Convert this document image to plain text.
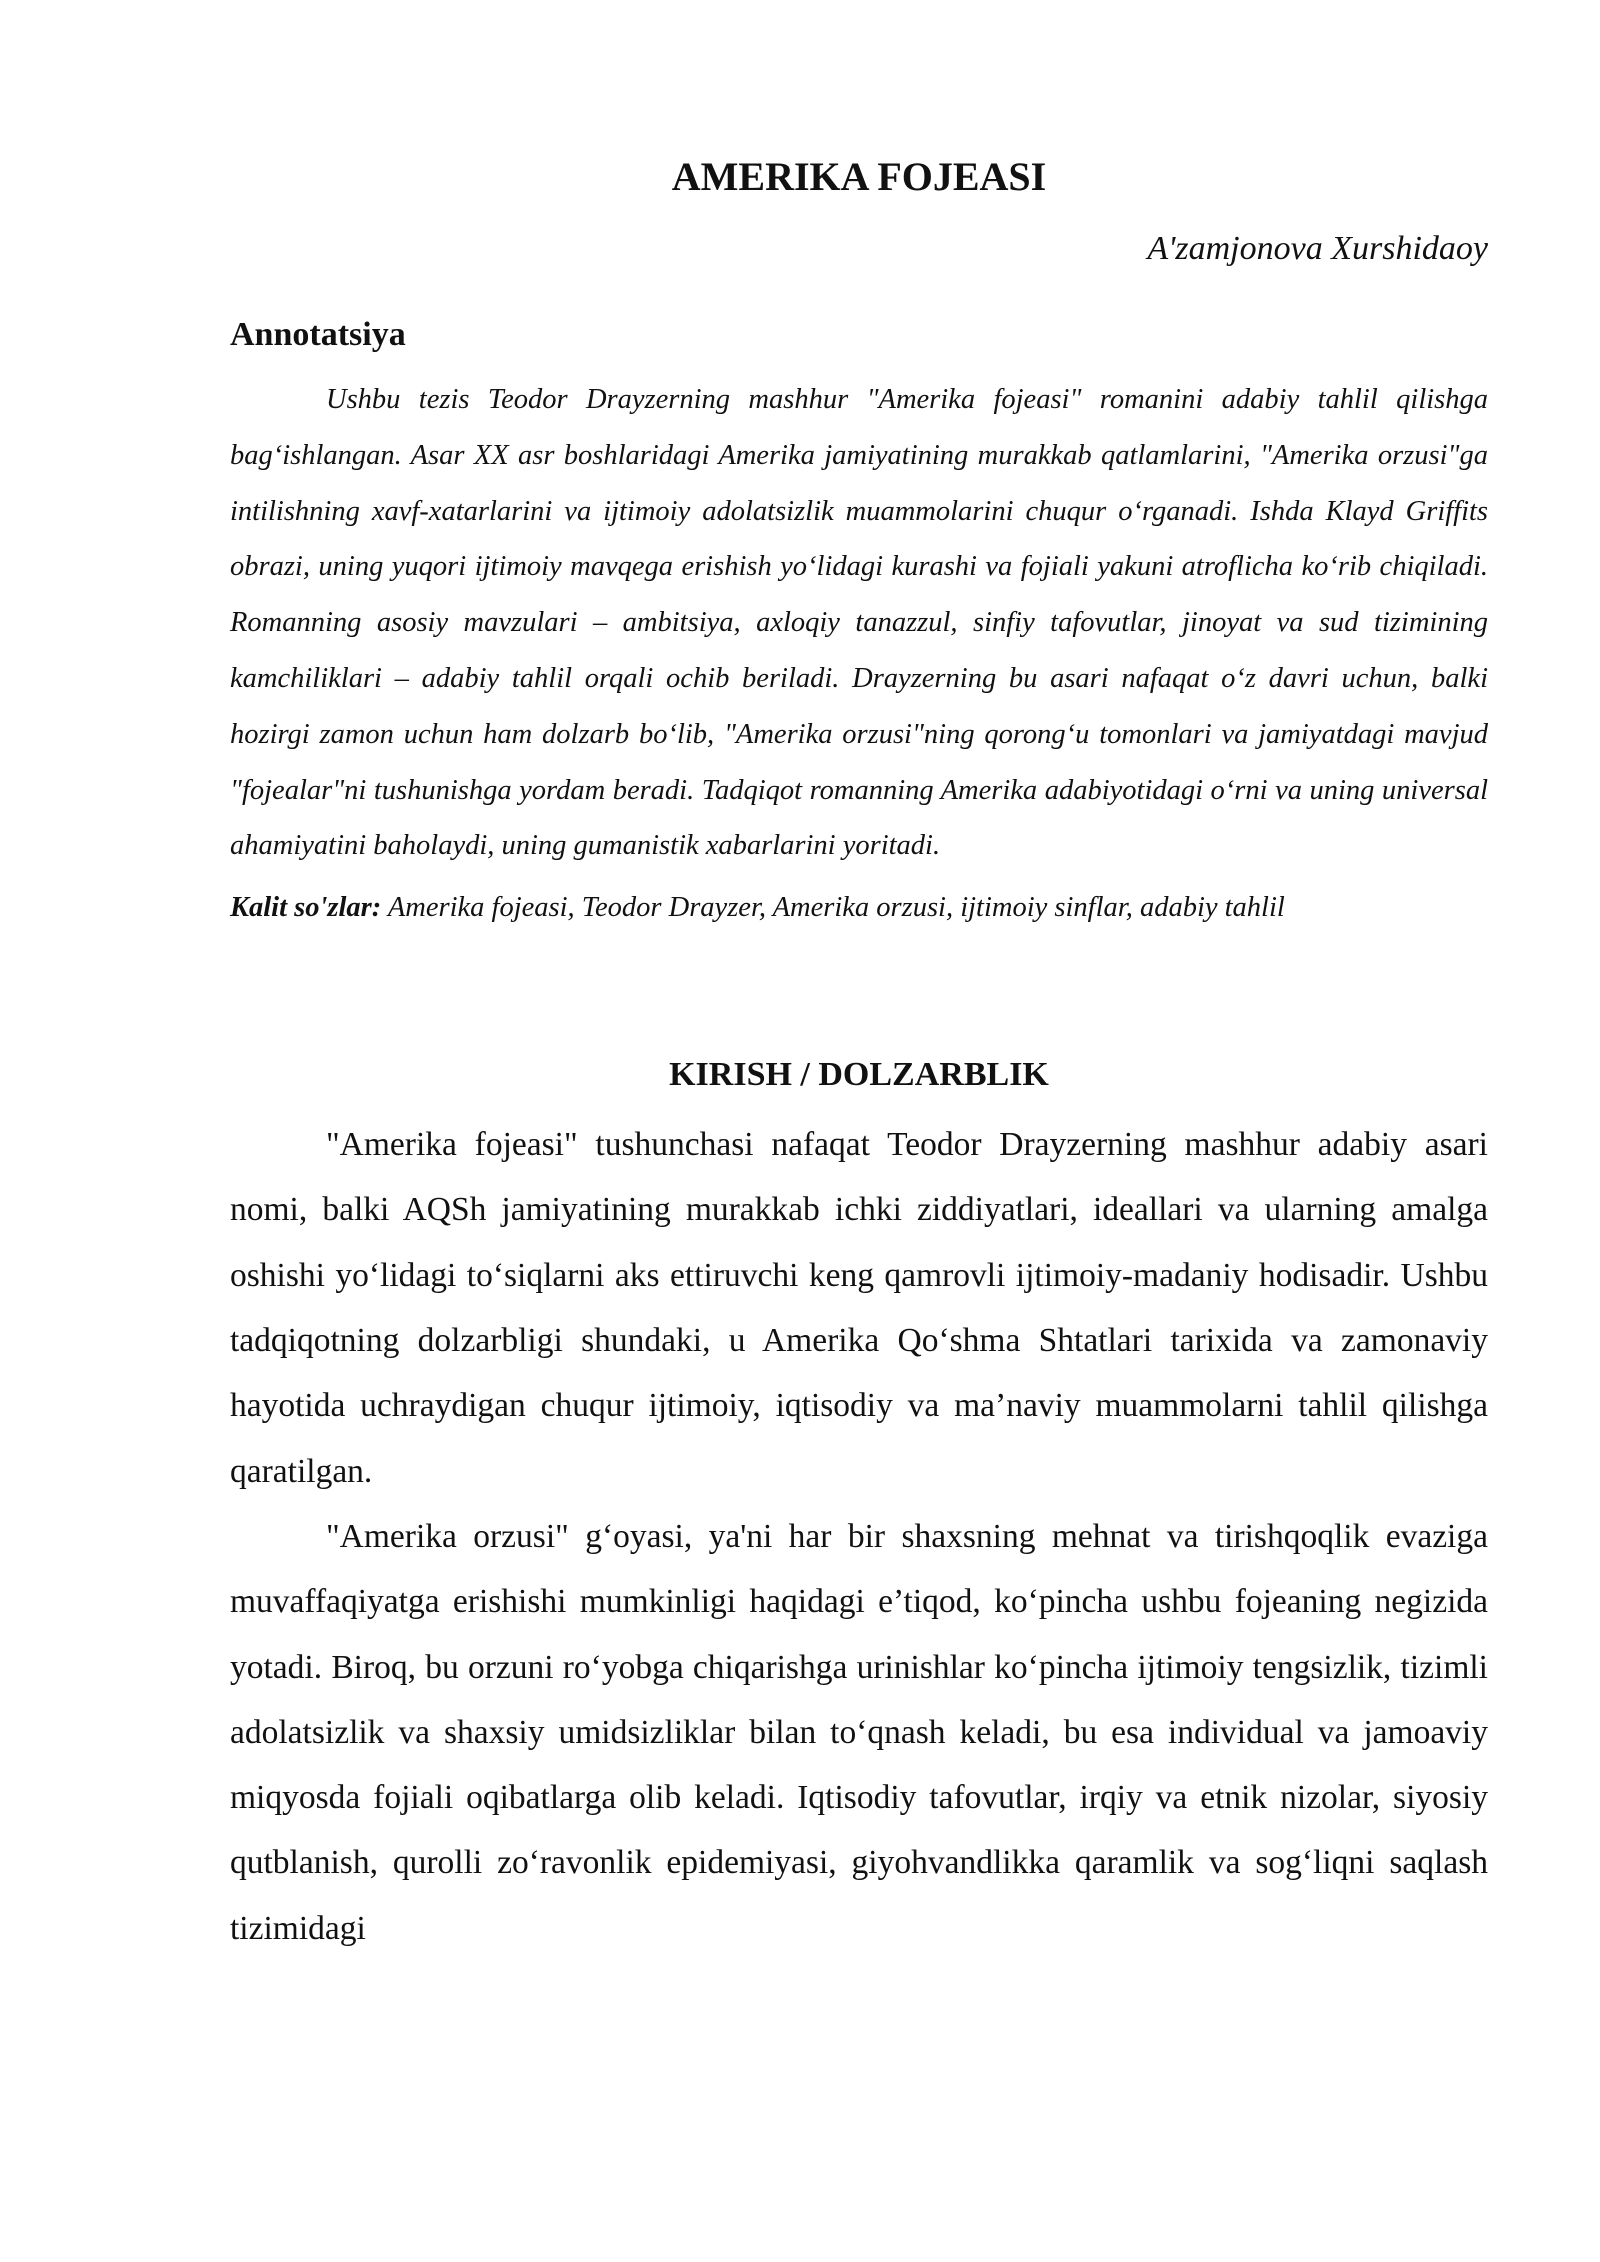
AMERIKA FOJEASI

A'zamjonova Xurshidaoy

Annotatsiya

Ushbu tezis Teodor Drayzerning mashhur "Amerika fojeasi" romanini adabiy tahlil qilishga bag‘ishlangan. Asar XX asr boshlaridagi Amerika jamiyatining murakkab qatlamlarini, "Amerika orzusi"ga intilishning xavf-xatarlarini va ijtimoiy adolatsizlik muammolarini chuqur o‘rganadi. Ishda Klayd Griffits obrazi, uning yuqori ijtimoiy mavqega erishish yo‘lidagi kurashi va fojiali yakuni atroflicha ko‘rib chiqiladi. Romanning asosiy mavzulari – ambitsiya, axloqiy tanazzul, sinfiy tafovutlar, jinoyat va sud tizimining kamchiliklari – adabiy tahlil orqali ochib beriladi. Drayzerning bu asari nafaqat o‘z davri uchun, balki hozirgi zamon uchun ham dolzarb bo‘lib, "Amerika orzusi"ning qorong‘u tomonlari va jamiyatdagi mavjud "fojealar"ni tushunishga yordam beradi. Tadqiqot romanning Amerika adabiyotidagi o‘rni va uning universal ahamiyatini baholaydi, uning gumanistik xabarlarini yoritadi.

Kalit so'zlar: Amerika fojeasi, Teodor Drayzer, Amerika orzusi, ijtimoiy sinflar, adabiy tahlil

KIRISH / DOLZARBLIK

"Amerika fojeasi" tushunchasi nafaqat Teodor Drayzerning mashhur adabiy asari nomi, balki AQSh jamiyatining murakkab ichki ziddiyatlari, ideallari va ularning amalga oshishi yo‘lidagi to‘siqlarni aks ettiruvchi keng qamrovli ijtimoiy-madaniy hodisadir. Ushbu tadqiqotning dolzarbligi shundaki, u Amerika Qo‘shma Shtatlari tarixida va zamonaviy hayotida uchraydigan chuqur ijtimoiy, iqtisodiy va ma’naviy muammolarni tahlil qilishga qaratilgan.

"Amerika orzusi" g‘oyasi, ya'ni har bir shaxsning mehnat va tirishqoqlik evaziga muvaffaqiyatga erishishi mumkinligi haqidagi e’tiqod, ko‘pincha ushbu fojeaning negizida yotadi. Biroq, bu orzuni ro‘yobga chiqarishga urinishlar ko‘pincha ijtimoiy tengsizlik, tizimli adolatsizlik va shaxsiy umidsizliklar bilan to‘qnash keladi, bu esa individual va jamoaviy miqyosda fojiali oqibatlarga olib keladi. Iqtisodiy tafovutlar, irqiy va etnik nizolar, siyosiy qutblanish, qurolli zo‘ravonlik epidemiyasi, giyohvandlikka qaramlik va sog‘liqni saqlash tizimidagi
